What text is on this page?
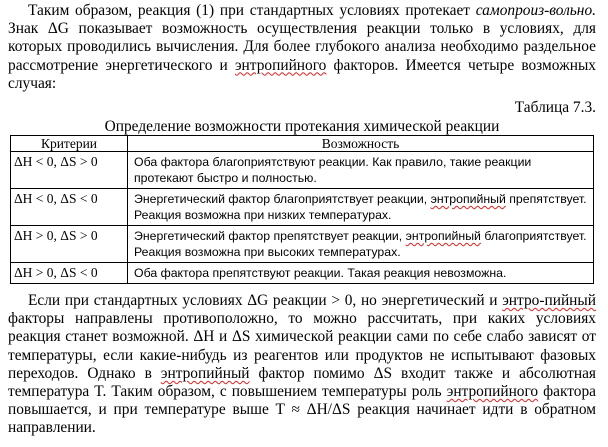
Таким образом, реакция (1) при стандартных условиях протекает самопроиз-вольно. Знак ΔG показывает возможность осуществления реакции только в условиях, для которых проводились вычисления. Для более глубокого анализа необходимо раздельное рассмотрение энергетического и энтропийного факторов. Имеется четыре возможных случая:

Таблица 7.3.
Определение возможности протекания химической реакции
Критерии	Возможность
ΔH < 0, ΔS > 0	Оба фактора благоприятствуют реакции. Как правило, такие реакции протекают быстро и полностью.
ΔH < 0, ΔS < 0	Энергетический фактор благоприятствует реакции, энтропийный препятствует. Реакция возможна при низких температурах.
ΔH > 0, ΔS > 0	Энергетический фактор препятствует реакции, энтропийный благоприятствует. Реакция возможна при высоких температурах.
ΔH > 0, ΔS < 0	Оба фактора препятствуют реакции. Такая реакция невозможна.

Если при стандартных условиях ΔG реакции > 0, но энергетический и энтро-пийный факторы направлены противоположно, то можно рассчитать, при каких условиях реакция станет возможной. ΔH и ΔS химической реакции сами по себе слабо зависят от температуры, если какие-нибудь из реагентов или продуктов не испытывают фазовых переходов. Однако в энтропийный фактор помимо ΔS входит также и абсолютная температура T. Таким образом, с повышением температуры роль энтропийного фактора повышается, и при температуре выше T ≈ ΔH/ΔS реакция начинает идти в обратном направлении.
